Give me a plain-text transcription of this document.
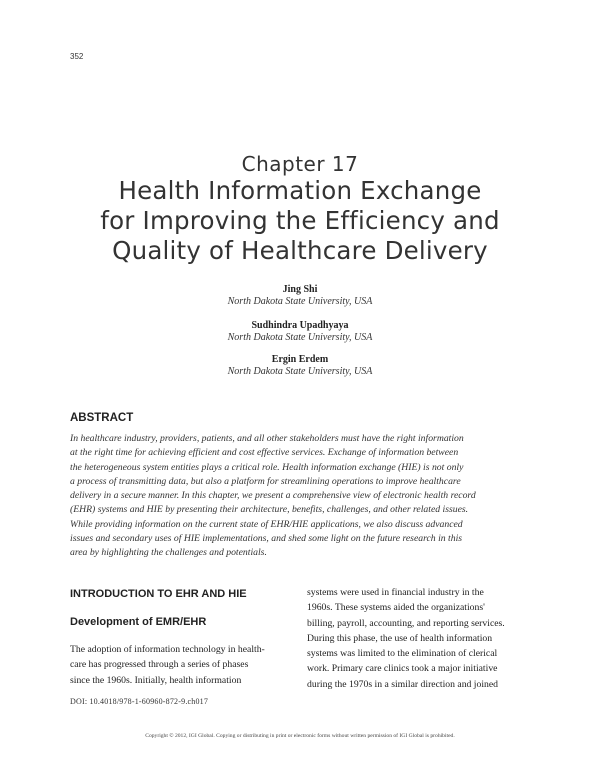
352
Chapter 17
Health Information Exchange
for Improving the Efficiency and
Quality of Healthcare Delivery
Jing Shi
North Dakota State University, USA
Sudhindra Upadhyaya
North Dakota State University, USA
Ergin Erdem
North Dakota State University, USA
ABSTRACT
In healthcare industry, providers, patients, and all other stakeholders must have the right information
at the right time for achieving efficient and cost effective services. Exchange of information between
the heterogeneous system entities plays a critical role. Health information exchange (HIE) is not only
a process of transmitting data, but also a platform for streamlining operations to improve healthcare
delivery in a secure manner. In this chapter, we present a comprehensive view of electronic health record
(EHR) systems and HIE by presenting their architecture, benefits, challenges, and other related issues.
While providing information on the current state of EHR/HIE applications, we also discuss advanced
issues and secondary uses of HIE implementations, and shed some light on the future research in this
area by highlighting the challenges and potentials.
INTRODUCTION TO EHR AND HIE
Development of EMR/EHR
The adoption of information technology in health-
care has progressed through a series of phases
since the 1960s. Initially, health information
systems were used in financial industry in the
1960s. These systems aided the organizations'
billing, payroll, accounting, and reporting services.
During this phase, the use of health information
systems was limited to the elimination of clerical
work. Primary care clinics took a major initiative
during the 1970s in a similar direction and joined
DOI: 10.4018/978-1-60960-872-9.ch017
Copyright © 2012, IGI Global. Copying or distributing in print or electronic forms without written permission of IGI Global is prohibited.
